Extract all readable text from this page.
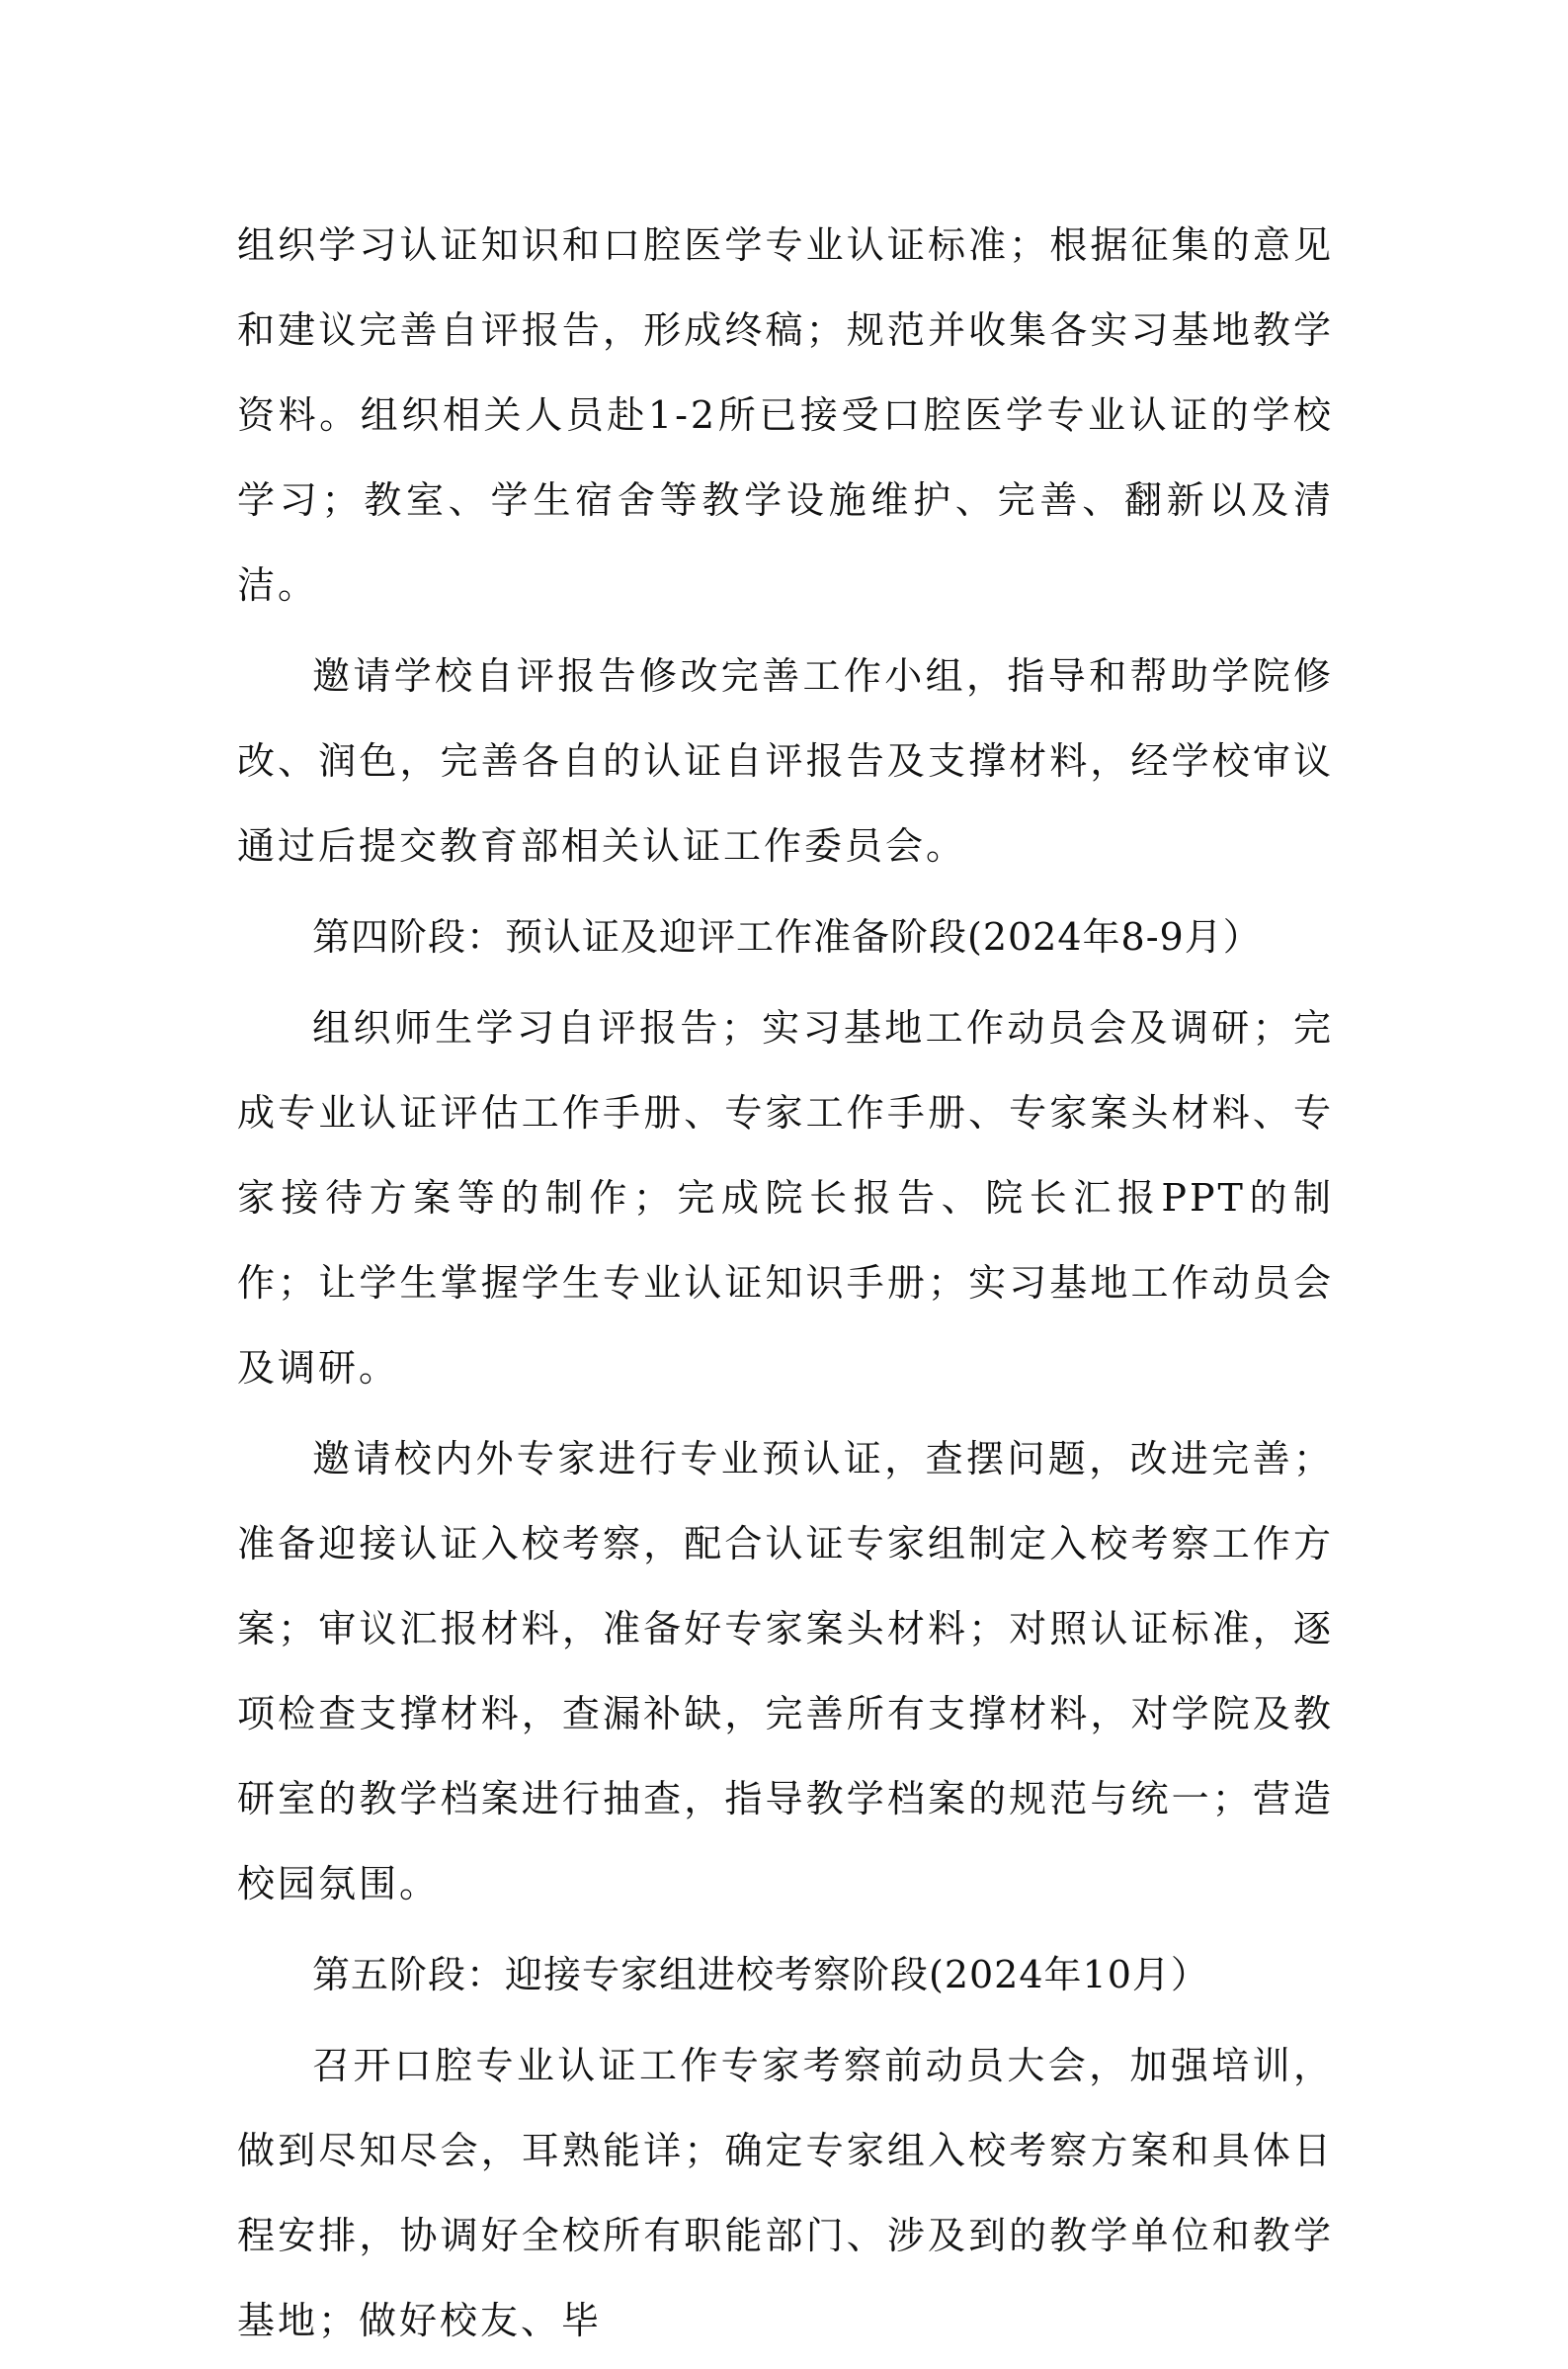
组织学习认证知识和口腔医学专业认证标准；根据征集的意见和建议完善自评报告，形成终稿；规范并收集各实习基地教学资料。组织相关人员赴1-2所已接受口腔医学专业认证的学校学习；教室、学生宿舍等教学设施维护、完善、翻新以及清洁。

邀请学校自评报告修改完善工作小组，指导和帮助学院修改、润色，完善各自的认证自评报告及支撑材料，经学校审议通过后提交教育部相关认证工作委员会。

第四阶段：预认证及迎评工作准备阶段(2024年8-9月）

组织师生学习自评报告；实习基地工作动员会及调研；完成专业认证评估工作手册、专家工作手册、专家案头材料、专家接待方案等的制作；完成院长报告、院长汇报PPT的制作；让学生掌握学生专业认证知识手册；实习基地工作动员会及调研。

邀请校内外专家进行专业预认证，查摆问题，改进完善；准备迎接认证入校考察，配合认证专家组制定入校考察工作方案；审议汇报材料，准备好专家案头材料；对照认证标准，逐项检查支撑材料，查漏补缺，完善所有支撑材料，对学院及教研室的教学档案进行抽查，指导教学档案的规范与统一；营造校园氛围。

第五阶段：迎接专家组进校考察阶段(2024年10月）

召开口腔专业认证工作专家考察前动员大会，加强培训，做到尽知尽会，耳熟能详；确定专家组入校考察方案和具体日程安排，协调好全校所有职能部门、涉及到的教学单位和教学基地；做好校友、毕
